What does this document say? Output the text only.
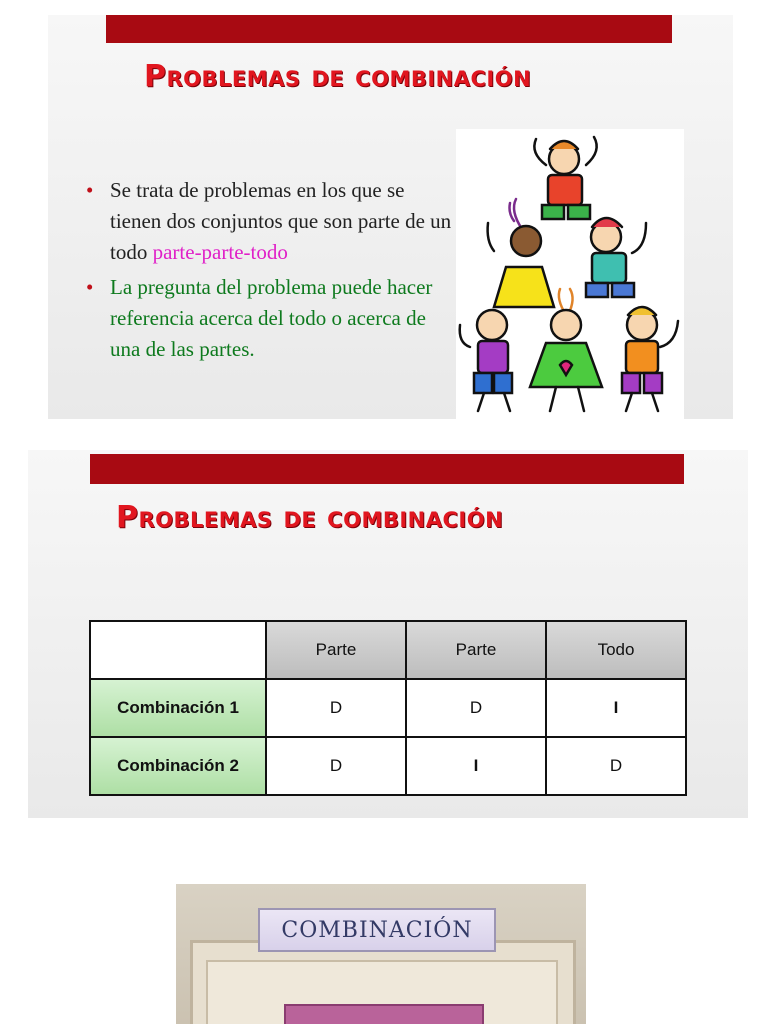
Problemas de combinación
• Se trata de problemas en los que se tienen dos conjuntos que son parte de un todo parte-parte-todo
• La pregunta del problema puede hacer referencia acerca del todo o acerca de una de las partes.
Problemas de combinación
	Parte	Parte	Todo
Combinación 1	D	D	I
Combinación 2	D	I	D
COMBINACIÓN
